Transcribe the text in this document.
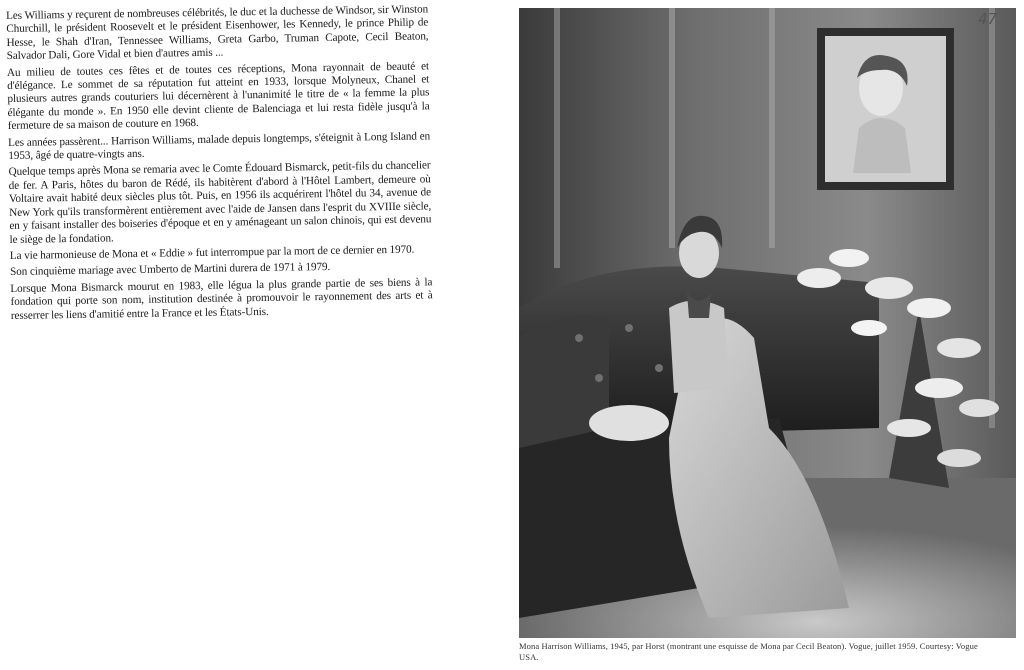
Les Williams y reçurent de nombreuses célébrités, le duc et la duchesse de Windsor, sir Winston Churchill, le président Roosevelt et le président Eisenhower, les Kennedy, le prince Philip de Hesse, le Shah d'Iran, Tennessee Williams, Greta Garbo, Truman Capote, Cecil Beaton, Salvador Dali, Gore Vidal et bien d'autres amis ...

Au milieu de toutes ces fêtes et de toutes ces réceptions, Mona rayonnait de beauté et d'élégance. Le sommet de sa réputation fut atteint en 1933, lorsque Molyneux, Chanel et plusieurs autres grands couturiers lui décernèrent à l'unanimité le titre de « la femme la plus élégante du monde ». En 1950 elle devint cliente de Balenciaga et lui resta fidèle jusqu'à la fermeture de sa maison de couture en 1968.

Les années passèrent... Harrison Williams, malade depuis longtemps, s'éteignit à Long Island en 1953, âgé de quatre-vingts ans.

Quelque temps après Mona se remaria avec le Comte Édouard Bismarck, petit-fils du chancelier de fer. A Paris, hôtes du baron de Rédé, ils habitèrent d'abord à l'Hôtel Lambert, demeure où Voltaire avait habité deux siècles plus tôt. Puis, en 1956 ils acquérirent l'hôtel du 34, avenue de New York qu'ils transformèrent entièrement avec l'aide de Jansen dans l'esprit du XVIIIe siècle, en y faisant installer des boiseries d'époque et en y aménageant un salon chinois, qui est devenu le siège de la fondation.

La vie harmonieuse de Mona et « Eddie » fut interrompue par la mort de ce dernier en 1970.

Son cinquième mariage avec Umberto de Martini durera de 1971 à 1979.

Lorsque Mona Bismarck mourut en 1983, elle légua la plus grande partie de ses biens à la fondation qui porte son nom, institution destinée à promouvoir le rayonnement des arts et à resserrer les liens d'amitié entre la France et les États-Unis.

47
Mona Harrison Williams, 1945, par Horst (montrant une esquisse de Mona par Cecil Beaton). Vogue, juillet 1959. Courtesy: Vogue USA.
